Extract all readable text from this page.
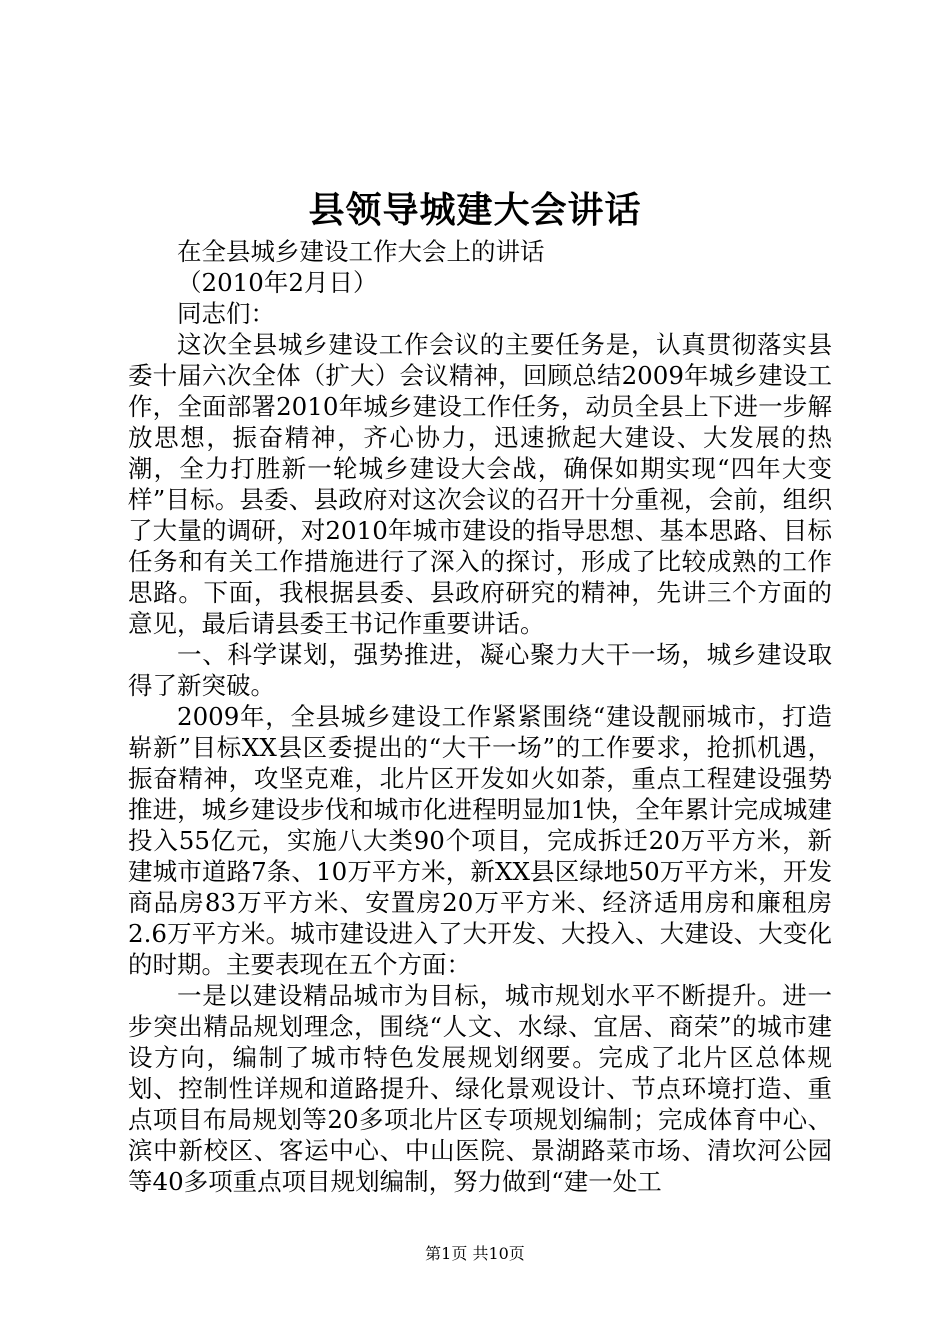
县领导城建大会讲话

在全县城乡建设工作大会上的讲话

（2010年2月日）

同志们：

这次全县城乡建设工作会议的主要任务是，认真贯彻落实县委十届六次全体（扩大）会议精神，回顾总结2009年城乡建设工作，全面部署2010年城乡建设工作任务，动员全县上下进一步解放思想，振奋精神，齐心协力，迅速掀起大建设、大发展的热潮，全力打胜新一轮城乡建设大会战，确保如期实现“四年大变样”目标。县委、县政府对这次会议的召开十分重视，会前，组织了大量的调研，对2010年城市建设的指导思想、基本思路、目标任务和有关工作措施进行了深入的探讨，形成了比较成熟的工作思路。下面，我根据县委、县政府研究的精神，先讲三个方面的意见，最后请县委王书记作重要讲话。

一、科学谋划，强势推进，凝心聚力大干一场，城乡建设取得了新突破。

2009年，全县城乡建设工作紧紧围绕“建设靓丽城市，打造崭新”目标XX县区委提出的“大干一场”的工作要求，抢抓机遇，振奋精神，攻坚克难，北片区开发如火如荼，重点工程建设强势推进，城乡建设步伐和城市化进程明显加1快，全年累计完成城建投入55亿元，实施八大类90个项目，完成拆迁20万平方米，新建城市道路7条、10万平方米，新XX县区绿地50万平方米，开发商品房83万平方米、安置房20万平方米、经济适用房和廉租房2.6万平方米。城市建设进入了大开发、大投入、大建设、大变化的时期。主要表现在五个方面：

一是以建设精品城市为目标，城市规划水平不断提升。进一步突出精品规划理念，围绕“人文、水绿、宜居、商荣”的城市建设方向，编制了城市特色发展规划纲要。完成了北片区总体规划、控制性详规和道路提升、绿化景观设计、节点环境打造、重点项目布局规划等20多项北片区专项规划编制；完成体育中心、滨中新校区、客运中心、中山医院、景湖路菜市场、清坎河公园等40多项重点项目规划编制，努力做到“建一处工

第1页 共10页
